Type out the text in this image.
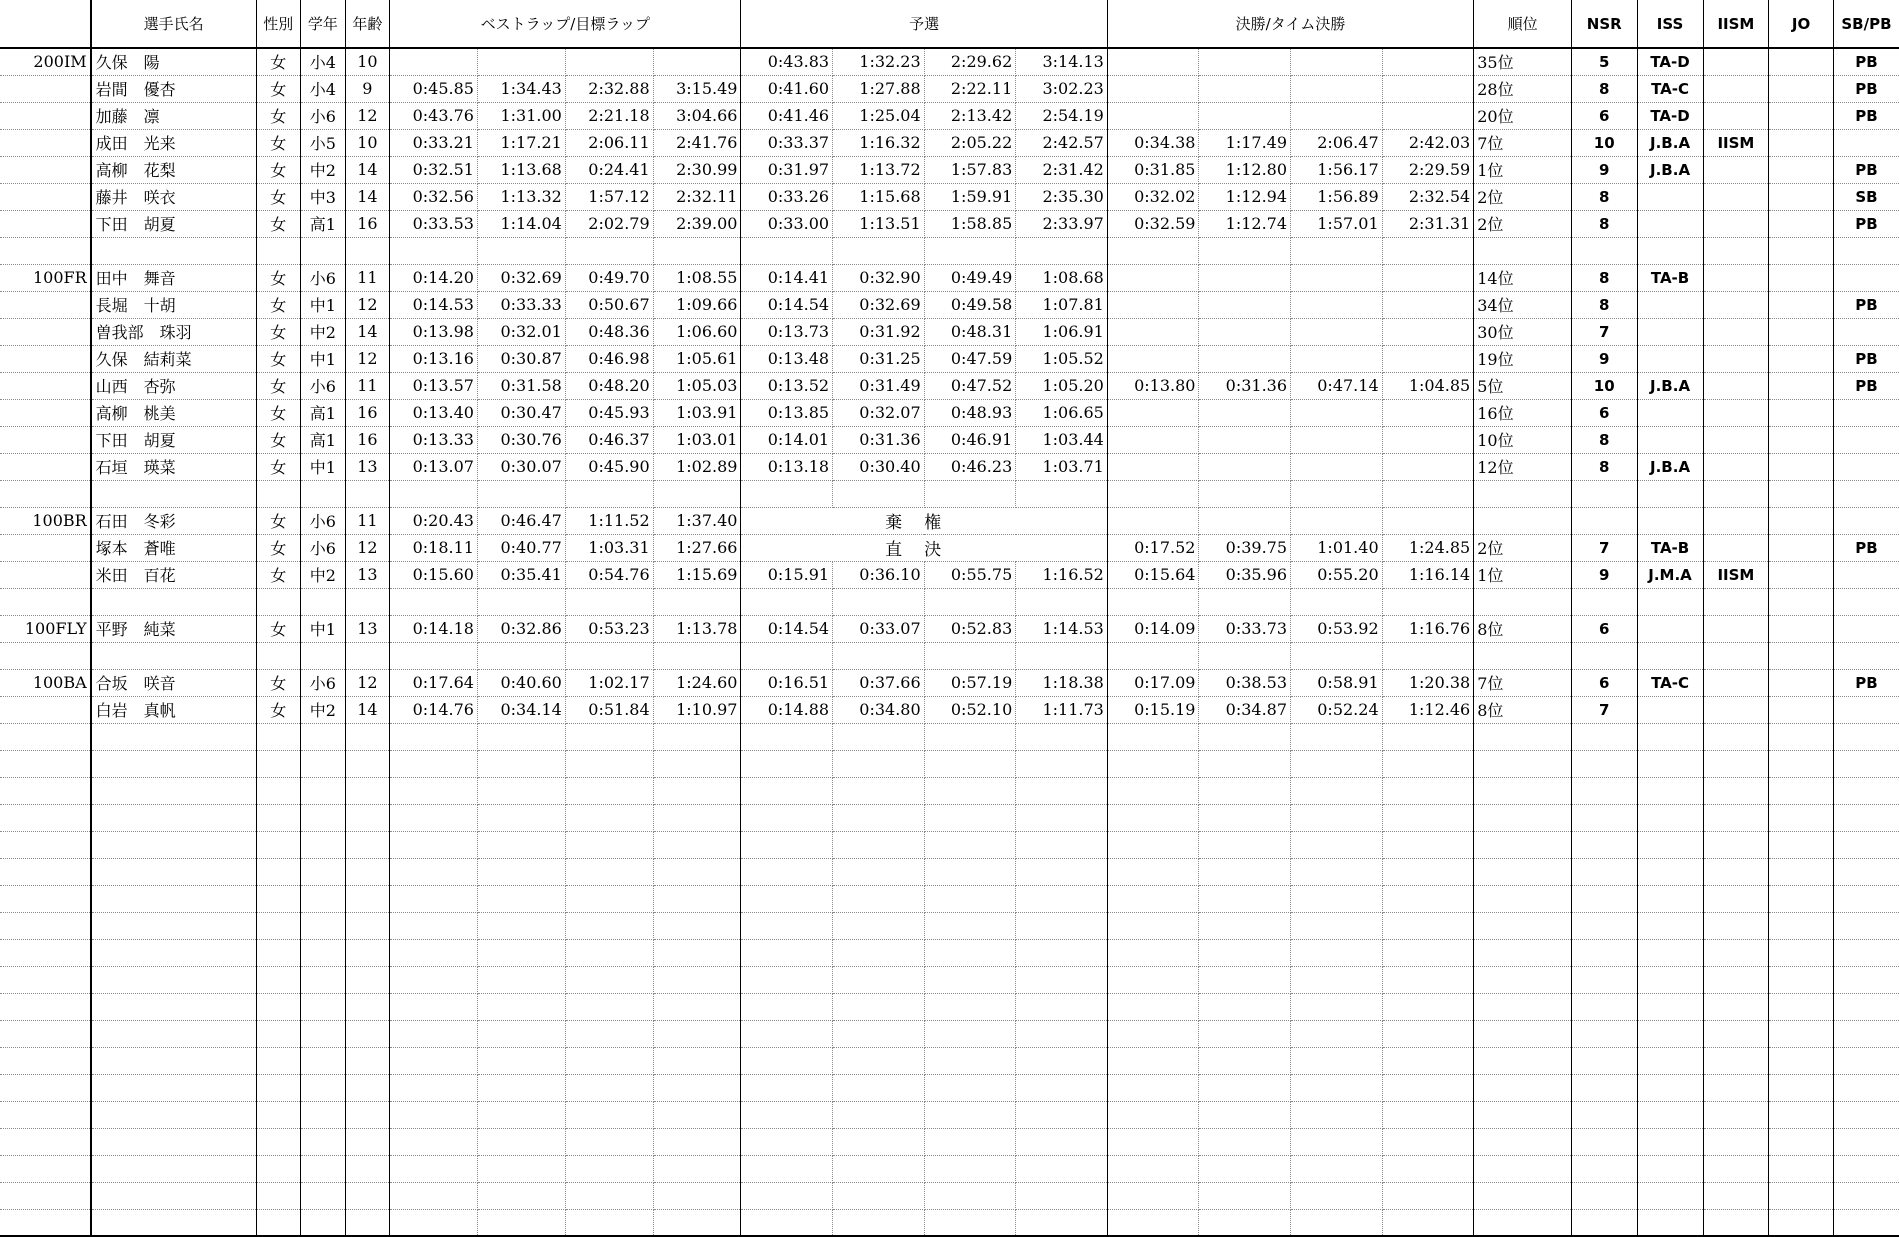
	選手氏名	性別	学年	年齢	ベストラップ/目標ラップ				予選				決勝/タイム決勝				順位	NSR	ISS	IISM	JO	SB/PB
200IM	久保　陽	女	小4	10					0:43.83	1:32.23	2:29.62	3:14.13					35位	5	TA-D			PB
	岩間　優杏	女	小4	9	0:45.85	1:34.43	2:32.88	3:15.49	0:41.60	1:27.88	2:22.11	3:02.23					28位	8	TA-C			PB
	加藤　凛	女	小6	12	0:43.76	1:31.00	2:21.18	3:04.66	0:41.46	1:25.04	2:13.42	2:54.19					20位	6	TA-D			PB
	成田　光来	女	小5	10	0:33.21	1:17.21	2:06.11	2:41.76	0:33.37	1:16.32	2:05.22	2:42.57	0:34.38	1:17.49	2:06.47	2:42.03	7位	10	J.B.A	IISM		
	高柳　花梨	女	中2	14	0:32.51	1:13.68	0:24.41	2:30.99	0:31.97	1:13.72	1:57.83	2:31.42	0:31.85	1:12.80	1:56.17	2:29.59	1位	9	J.B.A			PB
	藤井　咲衣	女	中3	14	0:32.56	1:13.32	1:57.12	2:32.11	0:33.26	1:15.68	1:59.91	2:35.30	0:32.02	1:12.94	1:56.89	2:32.54	2位	8				SB
	下田　胡夏	女	高1	16	0:33.53	1:14.04	2:02.79	2:39.00	0:33.00	1:13.51	1:58.85	2:33.97	0:32.59	1:12.74	1:57.01	2:31.31	2位	8				PB

100FR	田中　舞音	女	小6	11	0:14.20	0:32.69	0:49.70	1:08.55	0:14.41	0:32.90	0:49.49	1:08.68					14位	8	TA-B			
	長堀　十胡	女	中1	12	0:14.53	0:33.33	0:50.67	1:09.66	0:14.54	0:32.69	0:49.58	1:07.81					34位	8				PB
	曽我部　珠羽	女	中2	14	0:13.98	0:32.01	0:48.36	1:06.60	0:13.73	0:31.92	0:48.31	1:06.91					30位	7				
	久保　結莉菜	女	中1	12	0:13.16	0:30.87	0:46.98	1:05.61	0:13.48	0:31.25	0:47.59	1:05.52					19位	9				PB
	山西　杏弥	女	小6	11	0:13.57	0:31.58	0:48.20	1:05.03	0:13.52	0:31.49	0:47.52	1:05.20	0:13.80	0:31.36	0:47.14	1:04.85	5位	10	J.B.A			PB
	高柳　桃美	女	高1	16	0:13.40	0:30.47	0:45.93	1:03.91	0:13.85	0:32.07	0:48.93	1:06.65					16位	6				
	下田　胡夏	女	高1	16	0:13.33	0:30.76	0:46.37	1:03.01	0:14.01	0:31.36	0:46.91	1:03.44					10位	8				
	石垣　瑛菜	女	中1	13	0:13.07	0:30.07	0:45.90	1:02.89	0:13.18	0:30.40	0:46.23	1:03.71					12位	8	J.B.A			

100BR	石田　冬彩	女	小6	11	0:20.43	0:46.47	1:11.52	1:37.40	棄権													
	塚本　蒼唯	女	小6	12	0:18.11	0:40.77	1:03.31	1:27.66	直決				0:17.52	0:39.75	1:01.40	1:24.85	2位	7	TA-B			PB
	米田　百花	女	中2	13	0:15.60	0:35.41	0:54.76	1:15.69	0:15.91	0:36.10	0:55.75	1:16.52	0:15.64	0:35.96	0:55.20	1:16.14	1位	9	J.M.A	IISM		

100FLY	平野　純菜	女	中1	13	0:14.18	0:32.86	0:53.23	1:13.78	0:14.54	0:33.07	0:52.83	1:14.53	0:14.09	0:33.73	0:53.92	1:16.76	8位	6				

100BA	合坂　咲音	女	小6	12	0:17.64	0:40.60	1:02.17	1:24.60	0:16.51	0:37.66	0:57.19	1:18.38	0:17.09	0:38.53	0:58.91	1:20.38	7位	6	TA-C			PB
	白岩　真帆	女	中2	14	0:14.76	0:34.14	0:51.84	1:10.97	0:14.88	0:34.80	0:52.10	1:11.73	0:15.19	0:34.87	0:52.24	1:12.46	8位	7				
